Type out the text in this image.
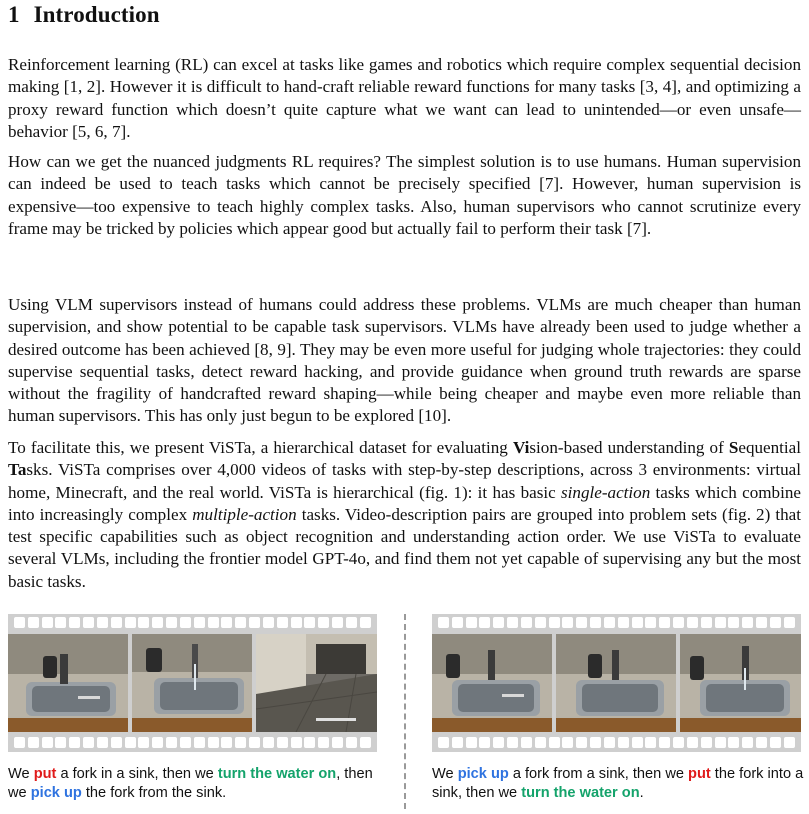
1 Introduction

Reinforcement learning (RL) can excel at tasks like games and robotics which require complex sequential decision making [1, 2]. However it is difficult to hand-craft reliable reward functions for many tasks [3, 4], and optimizing a proxy reward function which doesn’t quite capture what we want can lead to unintended—or even unsafe—behavior [5, 6, 7].

How can we get the nuanced judgments RL requires? The simplest solution is to use humans. Human supervision can indeed be used to teach tasks which cannot be precisely specified [7]. However, human supervision is expensive—too expensive to teach highly complex tasks. Also, human supervisors who cannot scrutinize every frame may be tricked by policies which appear good but actually fail to perform their task [7].

Using VLM supervisors instead of humans could address these problems. VLMs are much cheaper than human supervision, and show potential to be capable task supervisors. VLMs have already been used to judge whether a desired outcome has been achieved [8, 9]. They may be even more useful for judging whole trajectories: they could supervise sequential tasks, detect reward hacking, and provide guidance when ground truth rewards are sparse without the fragility of handcrafted reward shaping—while being cheaper and maybe even more reliable than human supervisors. This has only just begun to be explored [10].

To facilitate this, we present ViSTa, a hierarchical dataset for evaluating Vision-based understanding of Sequential Tasks. ViSTa comprises over 4,000 videos of tasks with step-by-step descriptions, across 3 environments: virtual home, Minecraft, and the real world. ViSTa is hierarchical (fig. 1): it has basic single-action tasks which combine into increasingly complex multiple-action tasks. Video-description pairs are grouped into problem sets (fig. 2) that test specific capabilities such as object recognition and understanding action order. We use ViSTa to evaluate several VLMs, including the frontier model GPT-4o, and find them not yet capable of supervising any but the most basic tasks.

We put a fork in a sink, then we turn the water on, then we pick up the fork from the sink.
We pick up a fork from a sink, then we put the fork into a sink, then we turn the water on.
